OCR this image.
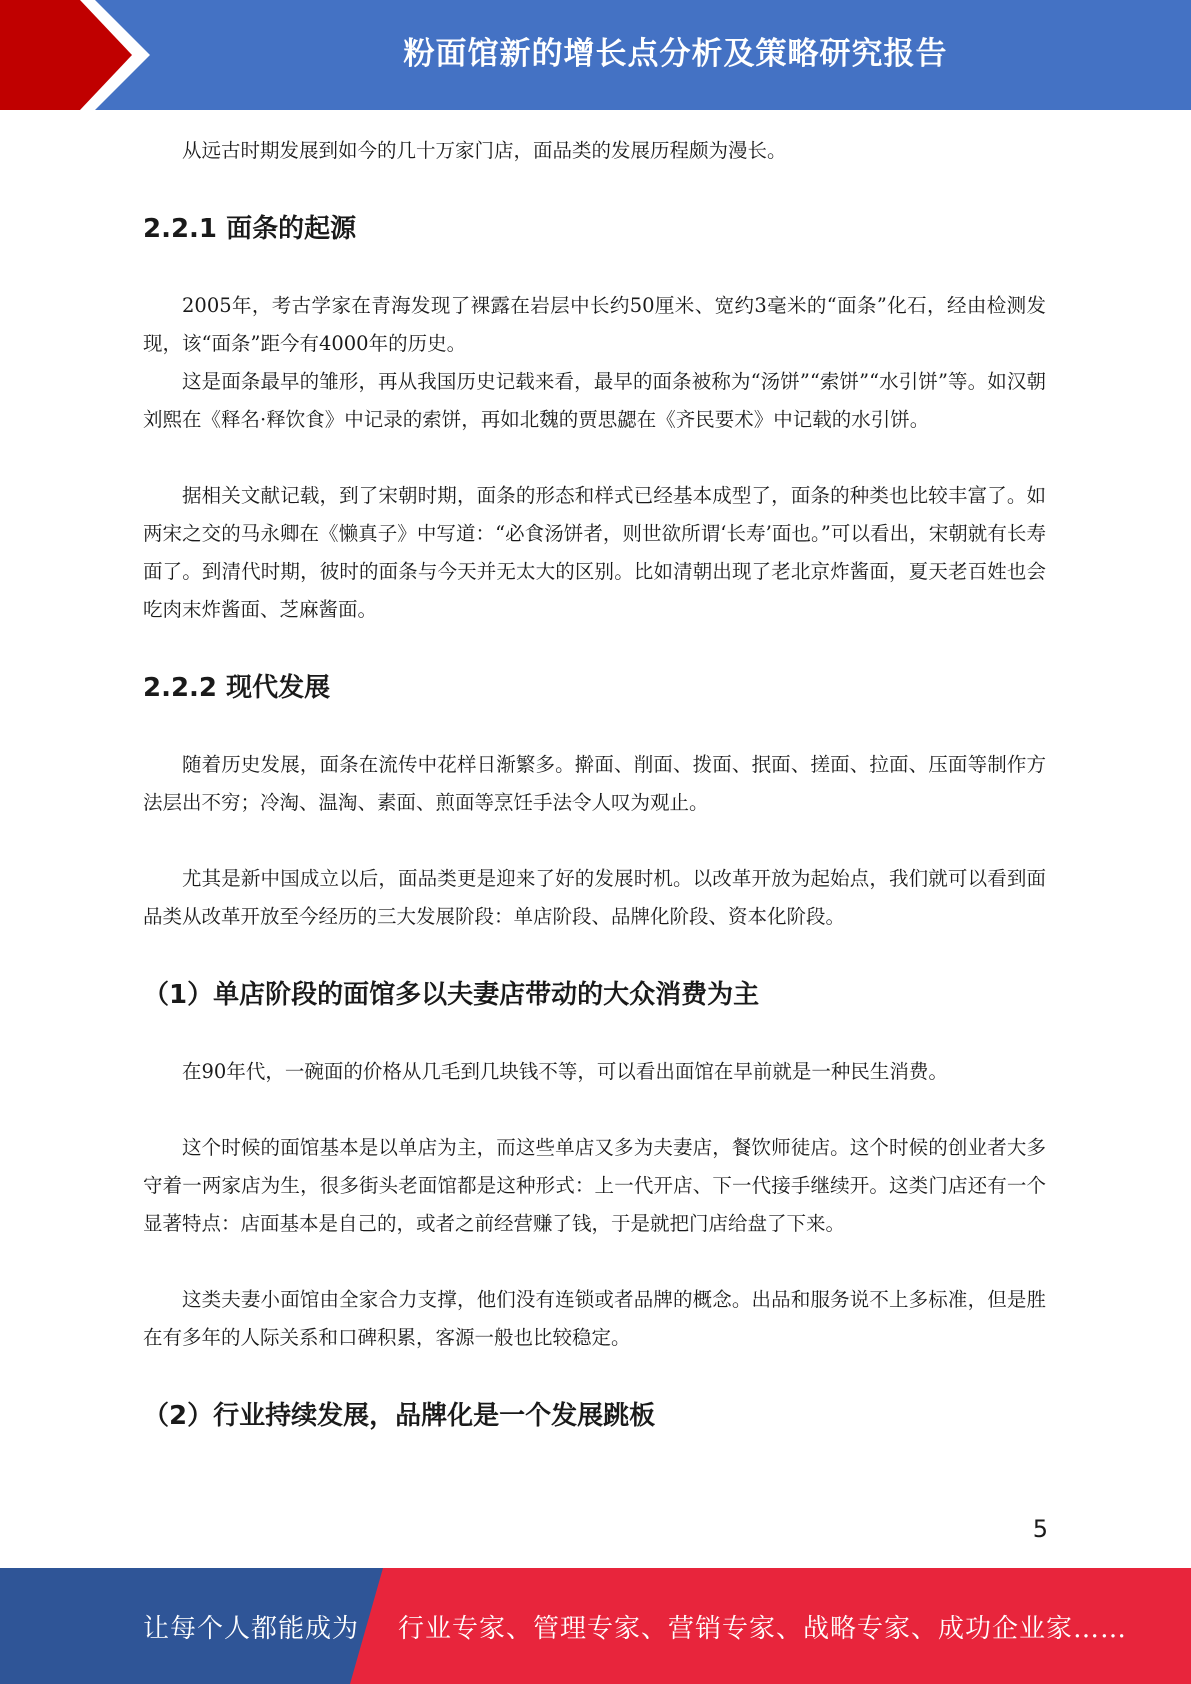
粉面馆新的增长点分析及策略研究报告

从远古时期发展到如今的几十万家门店，面品类的发展历程颇为漫长。

2.2.1 面条的起源

2005年，考古学家在青海发现了裸露在岩层中长约50厘米、宽约3毫米的“面条”化石，经由检测发现，该“面条”距今有4000年的历史。

这是面条最早的雏形，再从我国历史记载来看，最早的面条被称为“汤饼”“索饼”“水引饼”等。如汉朝刘熙在《释名·释饮食》中记录的索饼，再如北魏的贾思勰在《齐民要术》中记载的水引饼。

据相关文献记载，到了宋朝时期，面条的形态和样式已经基本成型了，面条的种类也比较丰富了。如两宋之交的马永卿在《懒真子》中写道：“必食汤饼者，则世欲所谓‘长寿’面也。”可以看出，宋朝就有长寿面了。到清代时期，彼时的面条与今天并无太大的区别。比如清朝出现了老北京炸酱面，夏天老百姓也会吃肉末炸酱面、芝麻酱面。

2.2.2 现代发展

随着历史发展，面条在流传中花样日渐繁多。擀面、削面、拨面、抿面、搓面、拉面、压面等制作方法层出不穷；冷淘、温淘、素面、煎面等烹饪手法令人叹为观止。

尤其是新中国成立以后，面品类更是迎来了好的发展时机。以改革开放为起始点，我们就可以看到面品类从改革开放至今经历的三大发展阶段：单店阶段、品牌化阶段、资本化阶段。

（1）单店阶段的面馆多以夫妻店带动的大众消费为主

在90年代，一碗面的价格从几毛到几块钱不等，可以看出面馆在早前就是一种民生消费。

这个时候的面馆基本是以单店为主，而这些单店又多为夫妻店，餐饮师徒店。这个时候的创业者大多守着一两家店为生，很多街头老面馆都是这种形式：上一代开店、下一代接手继续开。这类门店还有一个显著特点：店面基本是自己的，或者之前经营赚了钱，于是就把门店给盘了下来。

这类夫妻小面馆由全家合力支撑，他们没有连锁或者品牌的概念。出品和服务说不上多标准，但是胜在有多年的人际关系和口碑积累，客源一般也比较稳定。

（2）行业持续发展，品牌化是一个发展跳板
5
让每个人都能成为 行业专家、管理专家、营销专家、战略专家、成功企业家……
